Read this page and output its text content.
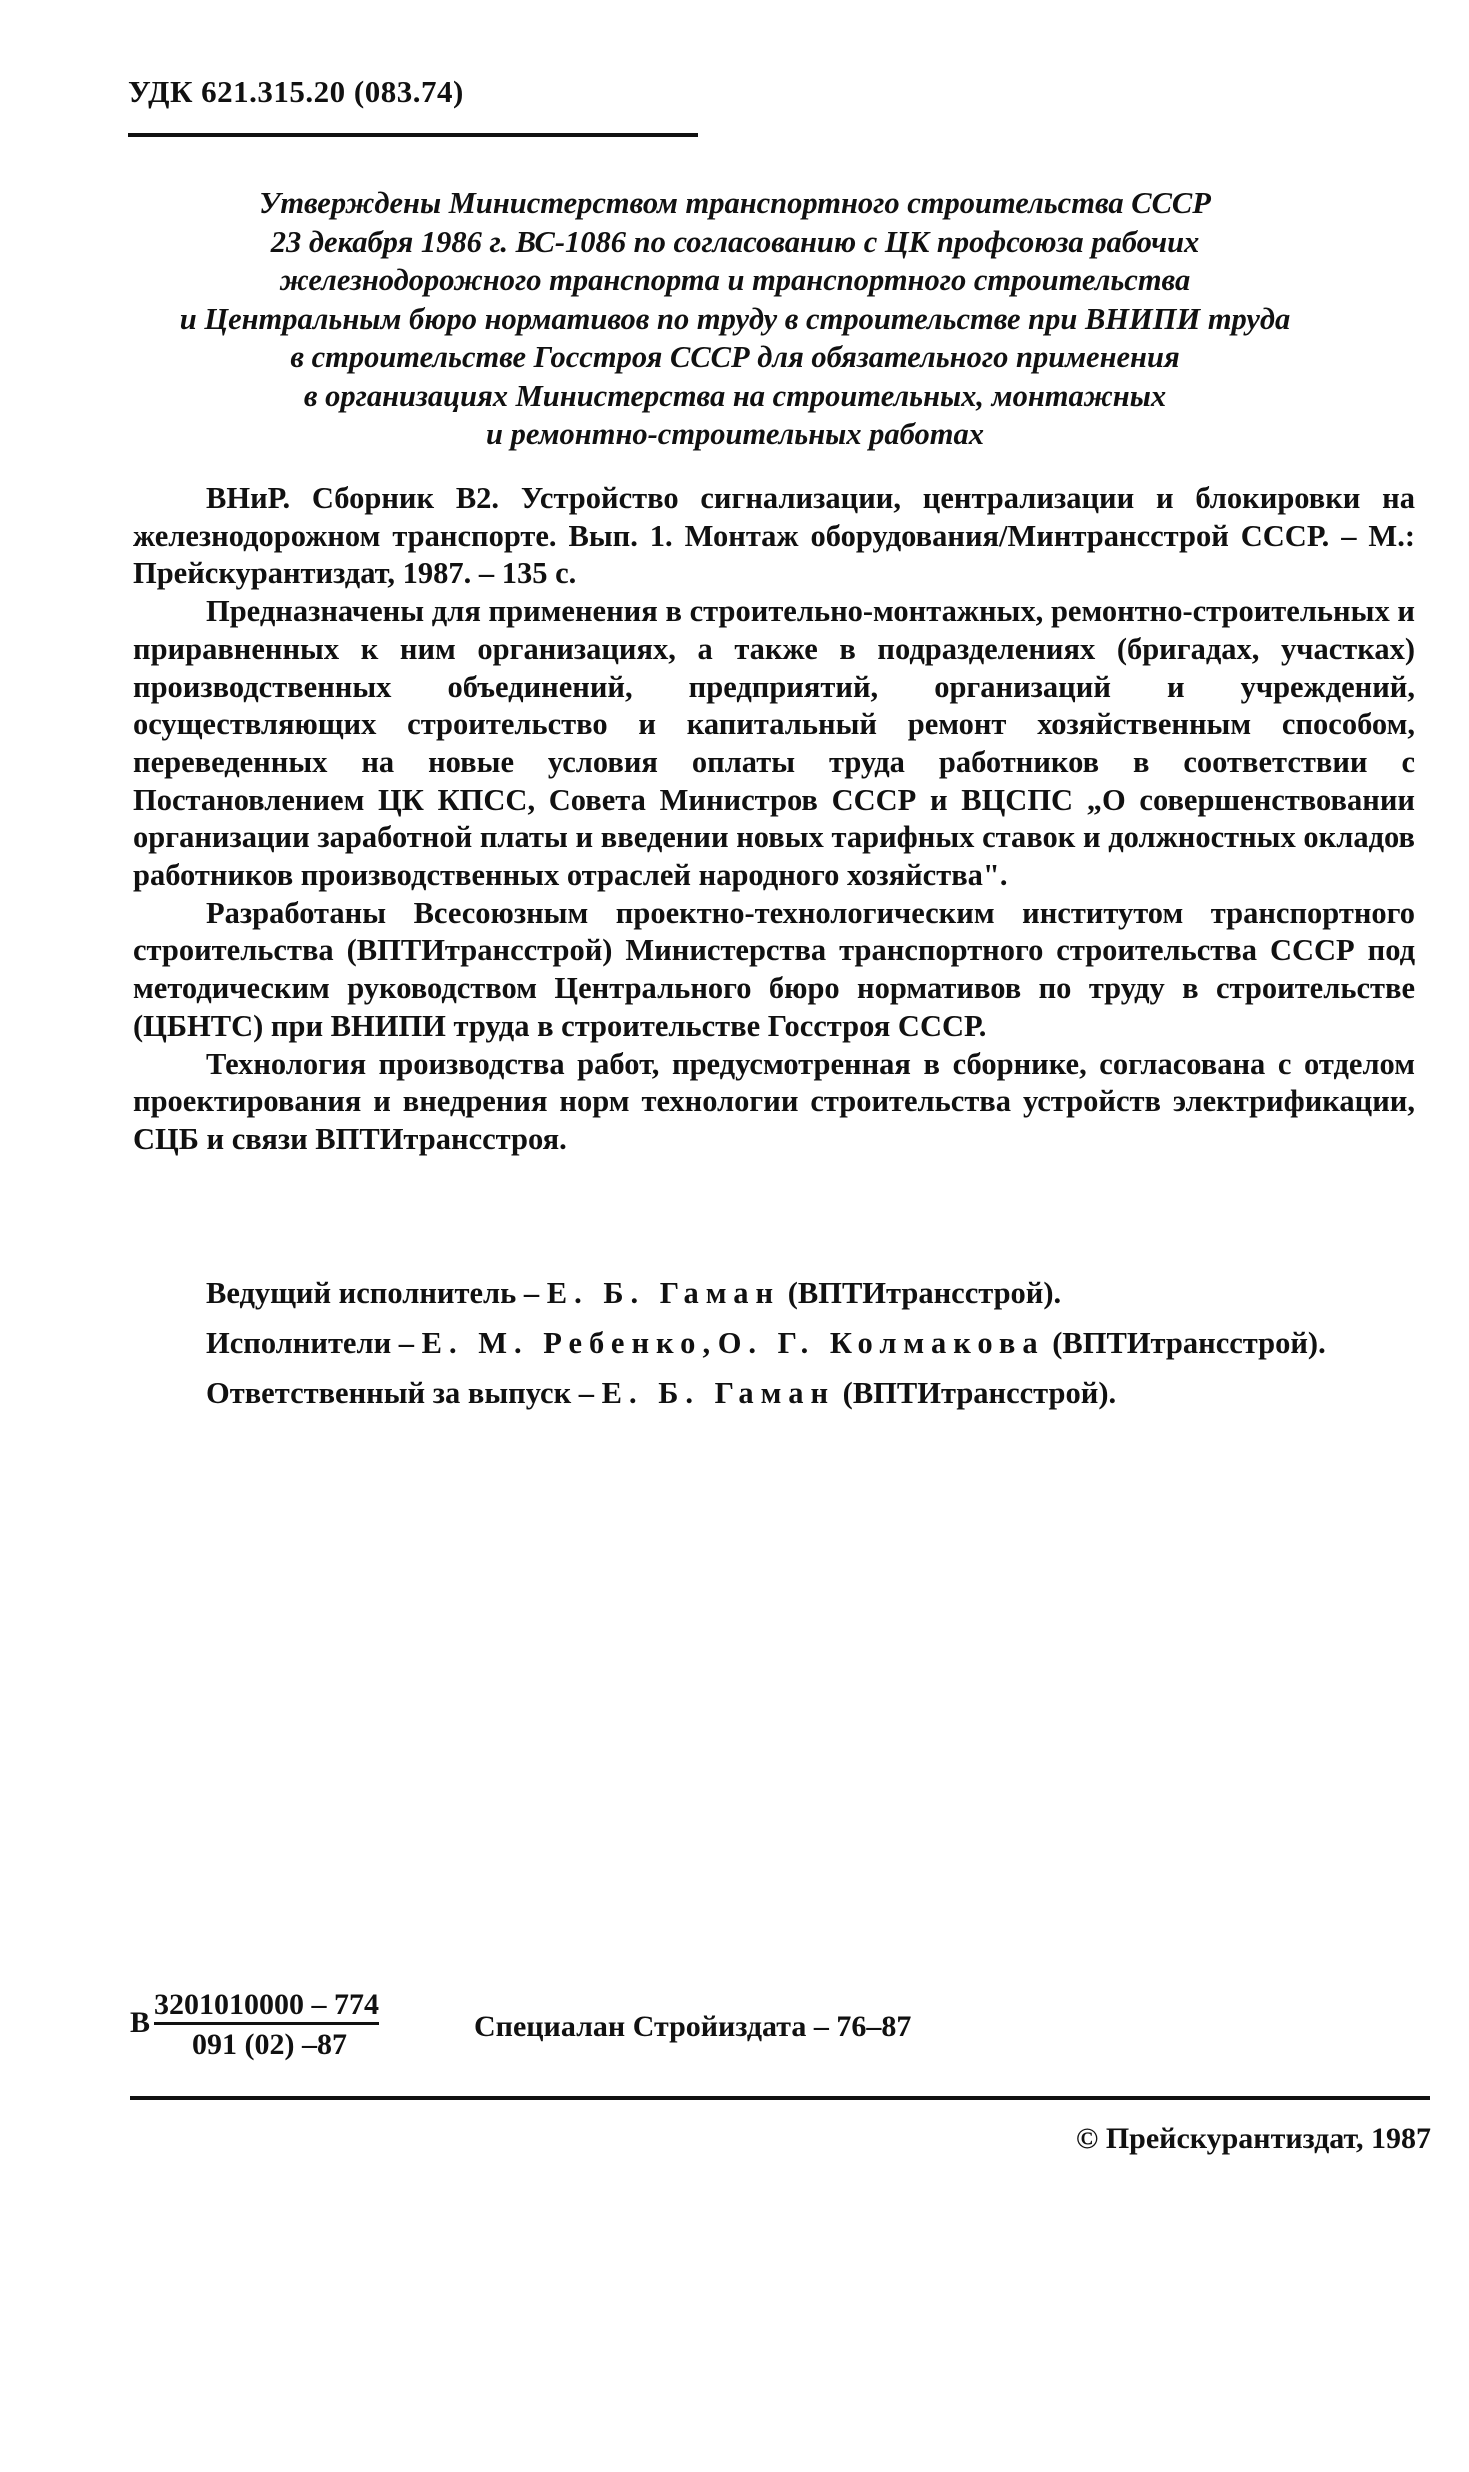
УДК 621.315.20 (083.74)
Утверждены Министерством транспортного строительства СССР
23 декабря 1986 г. ВС-1086 по согласованию с ЦК профсоюза рабочих
железнодорожного транспорта и транспортного строительства
и Центральным бюро нормативов по труду в строительстве при ВНИПИ труда
в строительстве Госстроя СССР для обязательного применения
в организациях Министерства на строительных, монтажных
и ремонтно-строительных работах

ВНиР. Сборник В2. Устройство сигнализации, централизации и блокировки на железнодорожном транспорте. Вып. 1. Монтаж оборудования/Минтрансстрой СССР. – М.: Прейскурантиздат, 1987. – 135 с.

Предназначены для применения в строительно-монтажных, ремонтно-строительных и приравненных к ним организациях, а также в подразделениях (бригадах, участках) производственных объединений, предприятий, организаций и учреждений, осуществляющих строительство и капитальный ремонт хозяйственным способом, переведенных на новые условия оплаты труда работников в соответствии с Постановлением ЦК КПСС, Совета Министров СССР и ВЦСПС „О совершенствовании организации заработной платы и введении новых тарифных ставок и должностных окладов работников производственных отраслей народного хозяйства".

Разработаны Всесоюзным проектно-технологическим институтом транспортного строительства (ВПТИтрансстрой) Министерства транспортного строительства СССР под методическим руководством Центрального бюро нормативов по труду в строительстве (ЦБНТС) при ВНИПИ труда в строительстве Госстроя СССР.

Технология производства работ, предусмотренная в сборнике, согласована с отделом проектирования и внедрения норм технологии строительства устройств электрификации, СЦБ и связи ВПТИтрансстроя.

Ведущий исполнитель – Е. Б. Гаман (ВПТИтрансстрой).
Исполнители – Е. М. Ребенко, О. Г. Колмакова (ВПТИтрансстрой).
Ответственный за выпуск – Е. Б. Гаман (ВПТИтрансстрой).
В
3201010000 – 774
091 (02) –87
Специалан Стройиздата – 76–87
© Прейскурантиздат, 1987
